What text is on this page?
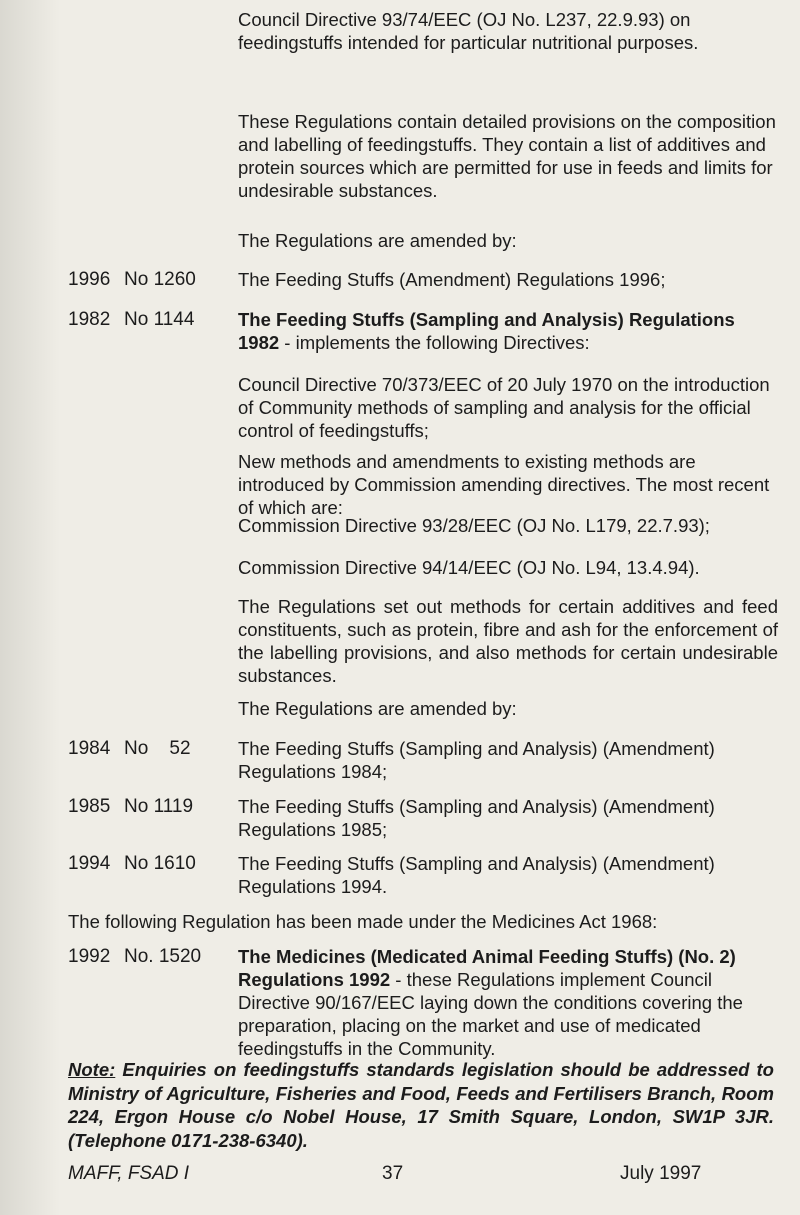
Council Directive 93/74/EEC (OJ No. L237, 22.9.93) on feedingstuffs intended for particular nutritional purposes.
These Regulations contain detailed provisions on the composition and labelling of feedingstuffs. They contain a list of additives and protein sources which are permitted for use in feeds and limits for undesirable substances.
The Regulations are amended by:
1996 No 1260 The Feeding Stuffs (Amendment) Regulations 1996;
1982 No 1144 The Feeding Stuffs (Sampling and Analysis) Regulations 1982 - implements the following Directives:
Council Directive 70/373/EEC of 20 July 1970 on the introduction of Community methods of sampling and analysis for the official control of feedingstuffs;
New methods and amendments to existing methods are introduced by Commission amending directives. The most recent of which are:
Commission Directive 93/28/EEC (OJ No. L179, 22.7.93);
Commission Directive 94/14/EEC (OJ No. L94, 13.4.94).
The Regulations set out methods for certain additives and feed constituents, such as protein, fibre and ash for the enforcement of the labelling provisions, and also methods for certain undesirable substances.
The Regulations are amended by:
1984 No    52	The Feeding Stuffs (Sampling and Analysis) (Amendment) Regulations 1984;
1985 No 1119 The Feeding Stuffs (Sampling and Analysis) (Amendment) Regulations 1985;
1994 No 1610 The Feeding Stuffs (Sampling and Analysis) (Amendment) Regulations 1994.
The following Regulation has been made under the Medicines Act 1968:
1992 No. 1520 The Medicines (Medicated Animal Feeding Stuffs) (No. 2) Regulations 1992 - these Regulations implement Council Directive 90/167/EEC laying down the conditions covering the preparation, placing on the market and use of medicated feedingstuffs in the Community.
Note: Enquiries on feedingstuffs standards legislation should be addressed to Ministry of Agriculture, Fisheries and Food, Feeds and Fertilisers Branch, Room 224, Ergon House c/o Nobel House, 17 Smith Square, London, SW1P 3JR. (Telephone 0171-238-6340).
MAFF, FSAD I	37	July 1997
